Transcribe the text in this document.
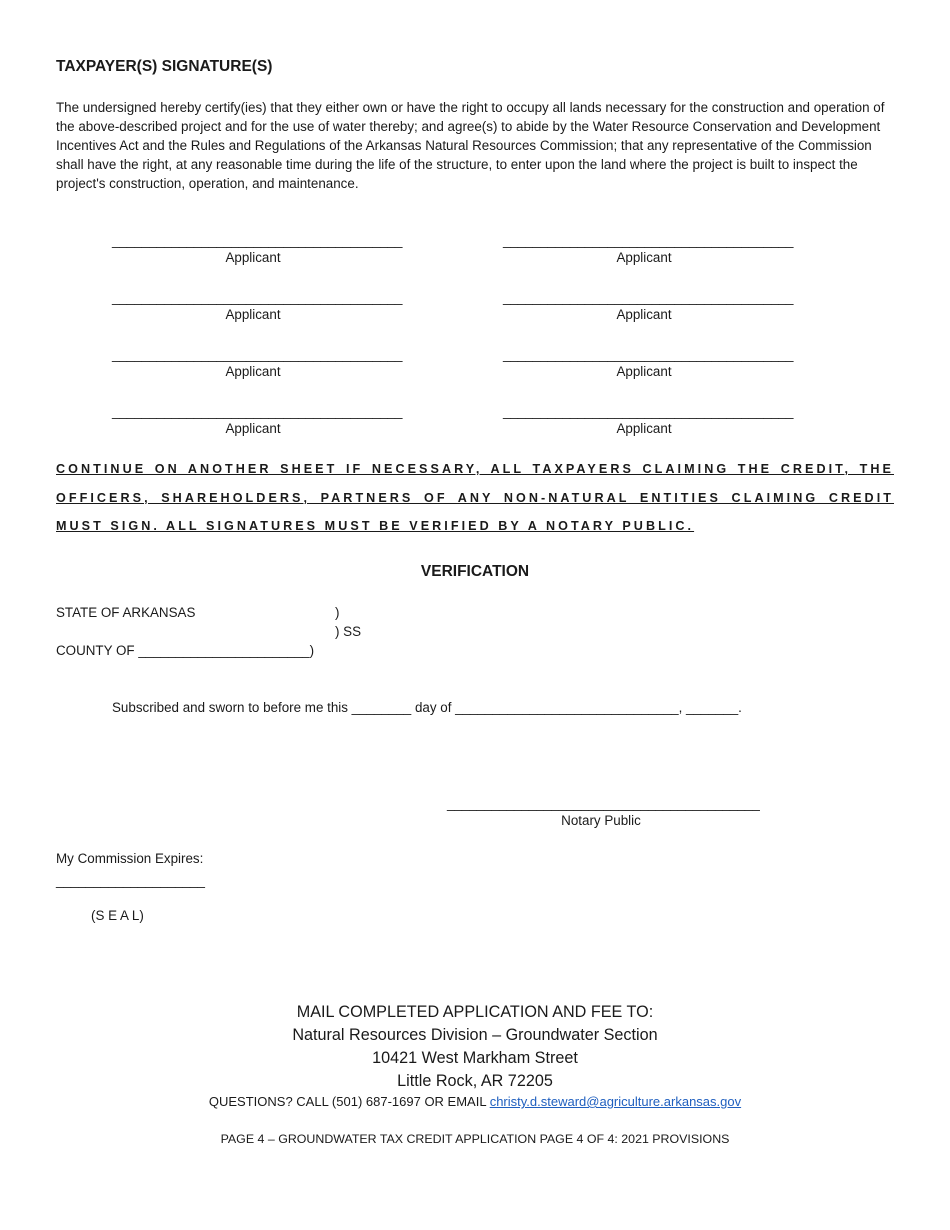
TAXPAYER(S) SIGNATURE(S)
The undersigned hereby certify(ies) that they either own or have the right to occupy all lands necessary for the construction and operation of the above-described project and for the use of water thereby; and agree(s) to abide by the Water Resource Conservation and Development Incentives Act and the Rules and Regulations of the Arkansas Natural Resources Commission; that any representative of the Commission shall have the right, at any reasonable time during the life of the structure, to enter upon the land where the project is built to inspect the project's construction, operation, and maintenance.
_______________________________________
Applicant
_______________________________________
Applicant
_______________________________________
Applicant
_______________________________________
Applicant
_______________________________________
Applicant
_______________________________________
Applicant
_______________________________________
Applicant
_______________________________________
Applicant
CONTINUE ON ANOTHER SHEET IF NECESSARY, ALL TAXPAYERS CLAIMING THE CREDIT, THE OFFICERS, SHAREHOLDERS, PARTNERS OF ANY NON-NATURAL ENTITIES CLAIMING CREDIT MUST SIGN. ALL SIGNATURES MUST BE VERIFIED BY A NOTARY PUBLIC.
VERIFICATION
STATE OF ARKANSAS	)
) SS
COUNTY OF _______________________)
Subscribed and sworn to before me this ________ day of ______________________________, _______.
__________________________________________
Notary Public
My Commission Expires:
____________________
(S E A L)
MAIL COMPLETED APPLICATION AND FEE TO:
Natural Resources Division – Groundwater Section
10421 West Markham Street
Little Rock, AR 72205
QUESTIONS? CALL (501) 687-1697 OR EMAIL christy.d.steward@agriculture.arkansas.gov
PAGE 4 – GROUNDWATER TAX CREDIT APPLICATION PAGE 4 OF 4: 2021 PROVISIONS
